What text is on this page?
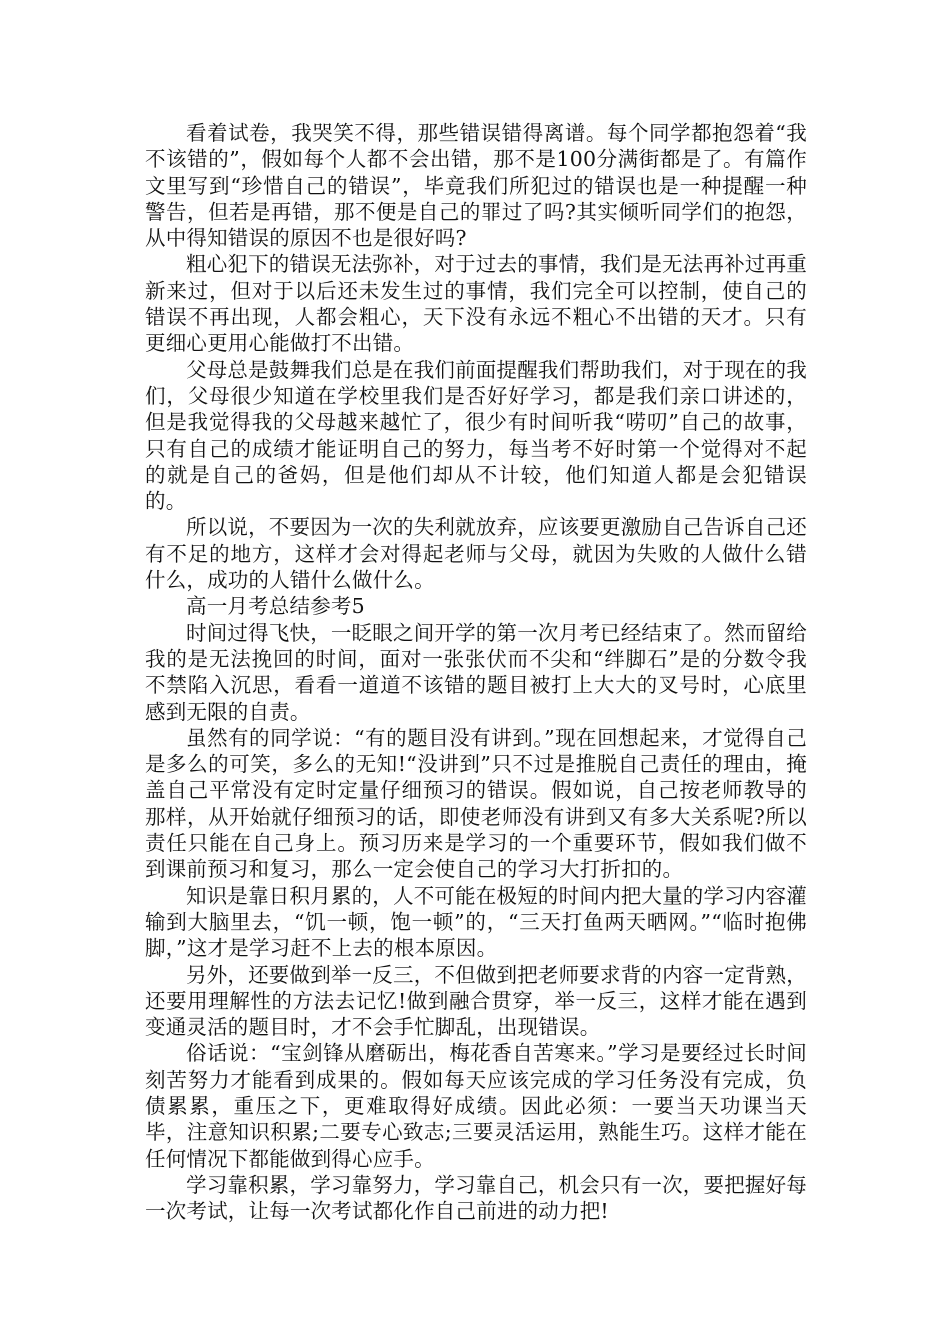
看着试卷，我哭笑不得，那些错误错得离谱。每个同学都抱怨着“我不该错的”，假如每个人都不会出错，那不是100分满街都是了。有篇作文里写到“珍惜自己的错误”，毕竟我们所犯过的错误也是一种提醒一种警告，但若是再错，那不便是自己的罪过了吗?其实倾听同学们的抱怨，从中得知错误的原因不也是很好吗?

粗心犯下的错误无法弥补，对于过去的事情，我们是无法再补过再重新来过，但对于以后还未发生过的事情，我们完全可以控制，使自己的错误不再出现，人都会粗心，天下没有永远不粗心不出错的天才。只有更细心更用心能做打不出错。

父母总是鼓舞我们总是在我们前面提醒我们帮助我们，对于现在的我们，父母很少知道在学校里我们是否好好学习，都是我们亲口讲述的，但是我觉得我的父母越来越忙了，很少有时间听我“唠叨”自己的故事，只有自己的成绩才能证明自己的努力，每当考不好时第一个觉得对不起的就是自己的爸妈，但是他们却从不计较，他们知道人都是会犯错误的。

所以说，不要因为一次的失利就放弃，应该要更激励自己告诉自己还有不足的地方，这样才会对得起老师与父母，就因为失败的人做什么错什么，成功的人错什么做什么。

高一月考总结参考5

时间过得飞快，一眨眼之间开学的第一次月考已经结束了。然而留给我的是无法挽回的时间，面对一张张伏而不尖和“绊脚石”是的分数令我不禁陷入沉思，看看一道道不该错的题目被打上大大的叉号时，心底里感到无限的自责。

虽然有的同学说：“有的题目没有讲到。”现在回想起来，才觉得自己是多么的可笑，多么的无知!“没讲到”只不过是推脱自己责任的理由，掩盖自己平常没有定时定量仔细预习的错误。假如说，自己按老师教导的那样，从开始就仔细预习的话，即使老师没有讲到又有多大关系呢?所以责任只能在自己身上。预习历来是学习的一个重要环节，假如我们做不到课前预习和复习，那么一定会使自己的学习大打折扣的。

知识是靠日积月累的，人不可能在极短的时间内把大量的学习内容灌输到大脑里去，“饥一顿，饱一顿”的，“三天打鱼两天晒网。”“临时抱佛脚，”这才是学习赶不上去的根本原因。

另外，还要做到举一反三，不但做到把老师要求背的内容一定背熟，还要用理解性的方法去记忆!做到融合贯穿，举一反三，这样才能在遇到变通灵活的题目时，才不会手忙脚乱，出现错误。

俗话说：“宝剑锋从磨砺出，梅花香自苦寒来。”学习是要经过长时间刻苦努力才能看到成果的。假如每天应该完成的学习任务没有完成，负债累累，重压之下，更难取得好成绩。因此必须：一要当天功课当天毕，注意知识积累;二要专心致志;三要灵活运用，熟能生巧。这样才能在任何情况下都能做到得心应手。

学习靠积累，学习靠努力，学习靠自己，机会只有一次，要把握好每一次考试，让每一次考试都化作自己前进的动力把!
